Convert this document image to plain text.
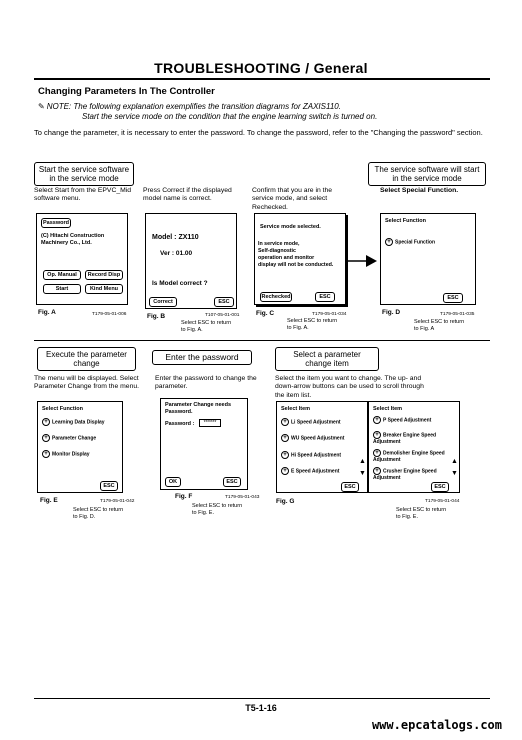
TROUBLESHOOTING / General
Changing Parameters In The Controller
✎ NOTE: The following explanation exemplifies the transition diagrams for ZAXIS110.
Start the service mode on the condition that the engine learning switch is turned on.
To change the parameter, it is necessary to enter the password. To change the password, refer to the "Changing the password" section.
Start the service software in the service mode
The service software will start in the service mode
Select Start from the EPVC_Mid software menu.
Press Correct if the displayed model name is correct.
Confirm that you are in the service mode, and select Rechecked.
Select Special Function.
Password
(C) Hitachi Construction
Machinery Co., Ltd.
Op. Manual	Record Disp
Start	Kind Menu
Fig. A	T179-05-01-006
Model : ZX110
Ver : 01.00
Is Model correct ?
Correct	ESC
Fig. B	T107-05-01-001
Select ESC to return
to Fig. A.
Service mode selected.
In service mode,
Self-diagnostic
operation and monitor
display will not be conducted.
Rechecked	ESC
Fig. C	T179-05-01-034
Select ESC to return
to Fig. A.
Select Function
+ Special Function
ESC
Fig. D	T179-05-01-035
Select ESC to return
to Fig. A
Execute the parameter change
Enter the password	Select a parameter change item
The menu will be displayed. Select Parameter Change from the menu.
Enter the password to change the parameter.
Select the item you want to change. The up- and down-arrow buttons can be used to scroll through the item list.
Select Function
+ Learning Data Display
+ Parameter Change
+ Monitor Display
ESC
Fig. E	T179-05-01-042
Select ESC to return
to Fig. D.
Parameter Change needs
Password.
Password :	******
OK	ESC
Fig. F	T179-05-01-043
Select ESC to return
to Fig. E.
Select Item
+ Li Speed Adjustment
+ WU Speed Adjustment
+ Hi Speed Adjustment
+ E Speed Adjustment
▲
▼
ESC
Select Item
+ P Speed Adjustment
+ Breaker Engine Speed Adjustment
+ Demolisher Engine Speed Adjustment
+ Crusher Engine Speed Adjustment
▲
▼
ESC
Fig. G	T179-05-01-044
Select ESC to return
to Fig. E.
T5-1-16
www.epcatalogs.com
